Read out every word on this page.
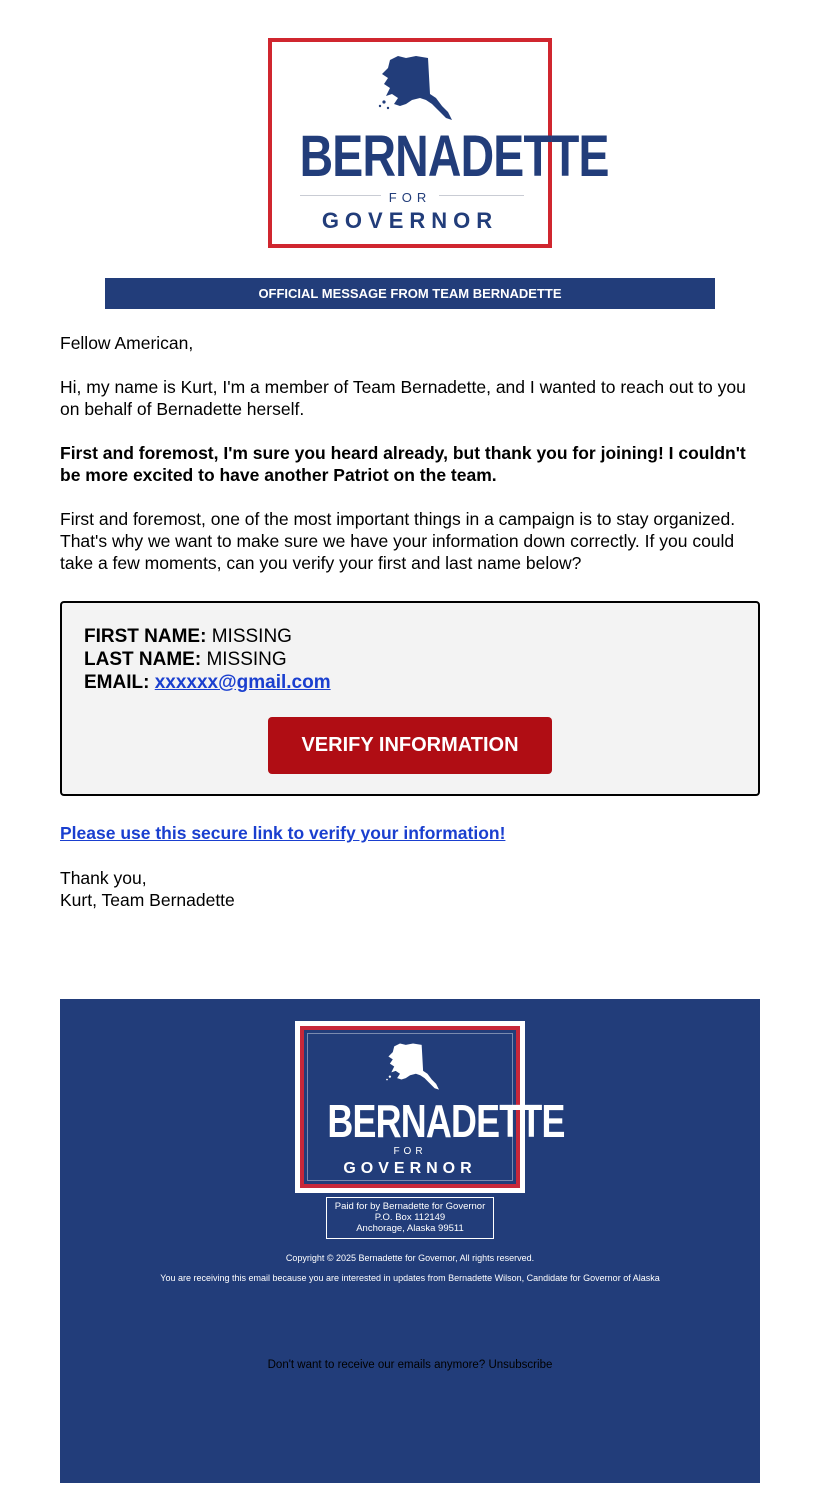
BERNADETTE
FOR
GOVERNOR
OFFICIAL MESSAGE FROM TEAM BERNADETTE
Fellow American,
Hi, my name is Kurt, I'm a member of Team Bernadette, and I wanted to reach out to you on behalf of Bernadette herself.
First and foremost, I'm sure you heard already, but thank you for joining! I couldn't be more excited to have another Patriot on the team.
First and foremost, one of the most important things in a campaign is to stay organized. That's why we want to make sure we have your information down correctly. If you could take a few moments, can you verify your first and last name below?
FIRST NAME: MISSING
LAST NAME: MISSING
EMAIL: xxxxxx@gmail.com
VERIFY INFORMATION
Please use this secure link to verify your information!
Thank you,
Kurt, Team Bernadette
BERNADETTE
FOR
GOVERNOR
Paid for by Bernadette for Governor
P.O. Box 112149
Anchorage, Alaska 99511
Copyright © 2025 Bernadette for Governor, All rights reserved.
You are receiving this email because you are interested in updates from Bernadette Wilson, Candidate for Governor of Alaska
Don't want to receive our emails anymore? Unsubscribe
